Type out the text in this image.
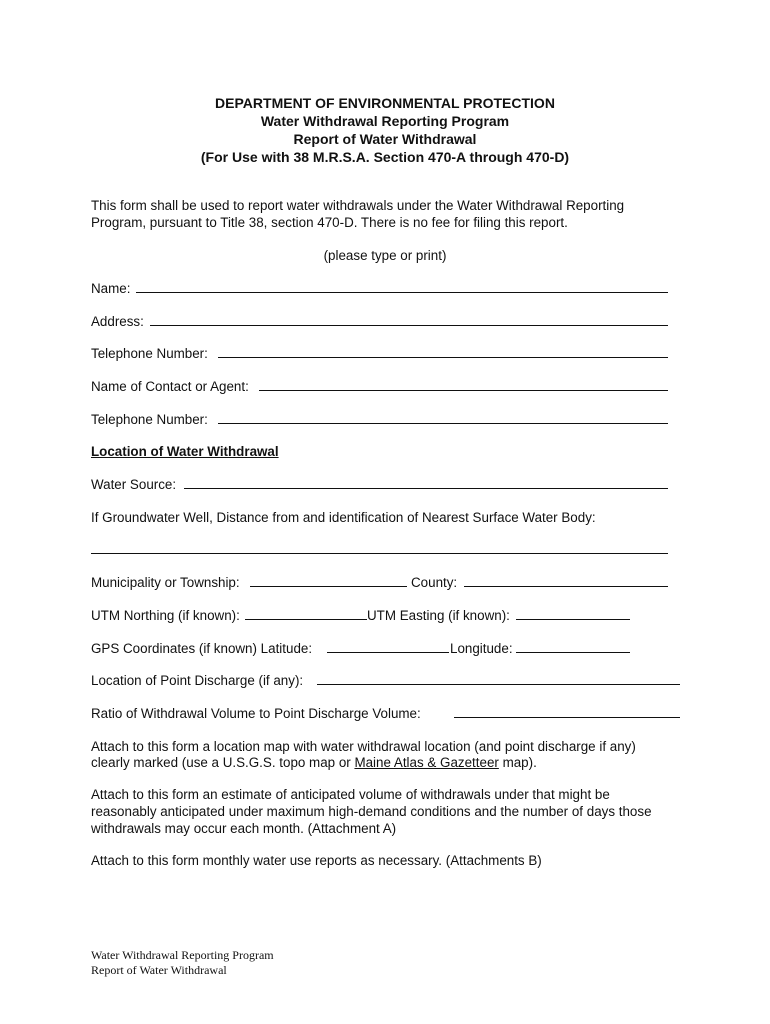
DEPARTMENT OF ENVIRONMENTAL PROTECTION
Water Withdrawal Reporting Program
Report of Water Withdrawal
(For Use with 38 M.R.S.A. Section 470-A through 470-D)
This form shall be used to report water withdrawals under the Water Withdrawal Reporting
Program, pursuant to Title 38, section 470-D. There is no fee for filing this report.
(please type or print)
Name:
Address:
Telephone Number:
Name of Contact or Agent:
Telephone Number:
Location of Water Withdrawal
Water Source:
If Groundwater Well, Distance from and identification of Nearest Surface Water Body:
Municipality or Township:	County:
UTM Northing (if known):	UTM Easting (if known):
GPS Coordinates (if known) Latitude:	Longitude:
Location of Point Discharge (if any):
Ratio of Withdrawal Volume to Point Discharge Volume:
Attach to this form a location map with water withdrawal location (and point discharge if any)
clearly marked (use a U.S.G.S. topo map or Maine Atlas & Gazetteer map).
Attach to this form an estimate of anticipated volume of withdrawals under that might be
reasonably anticipated under maximum high-demand conditions and the number of days those
withdrawals may occur each month. (Attachment A)
Attach to this form monthly water use reports as necessary. (Attachments B)
Water Withdrawal Reporting Program
Report of Water Withdrawal
